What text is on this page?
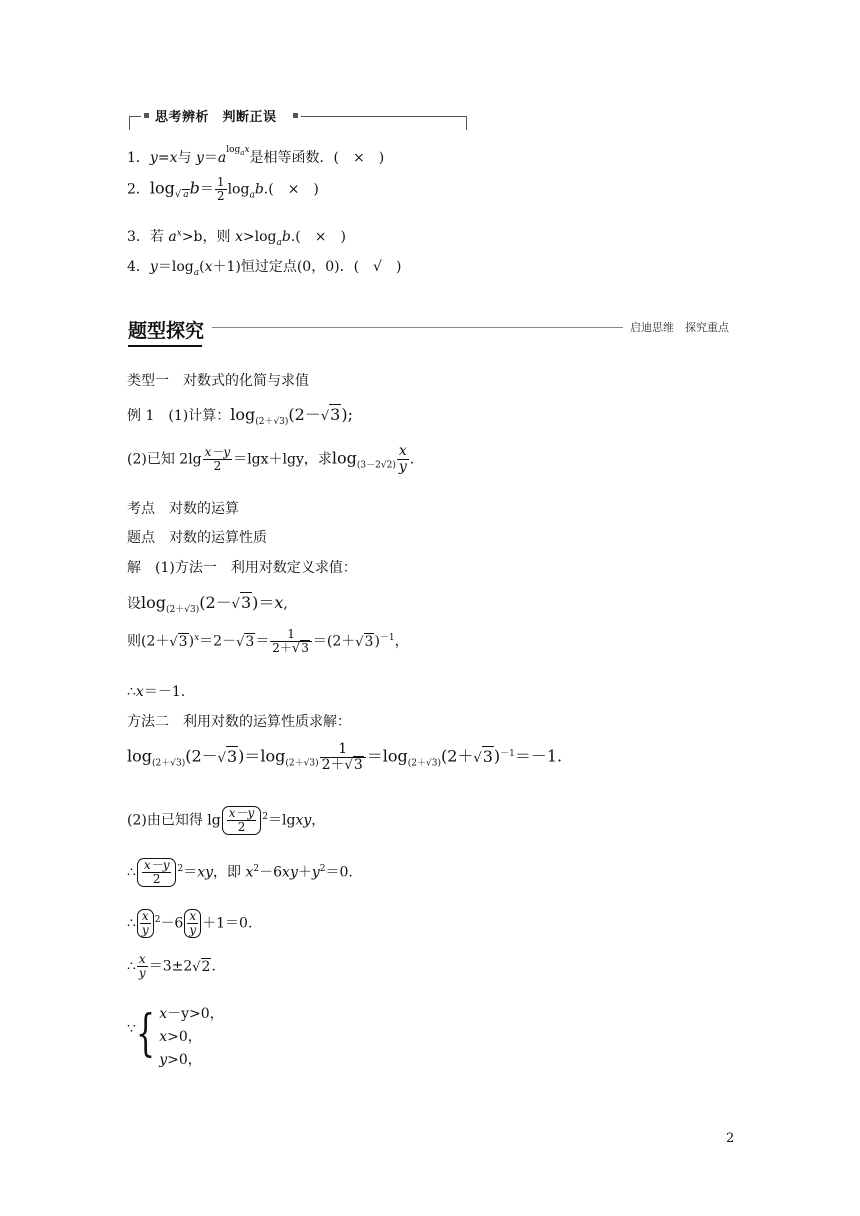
思考辨析　判断正误
1．y=x与 $y=a^{log_ax}$是相等函数．(　×　)
2．$\log_{√ a}b= \frac{1}{2} \log_ab$.(　×　)
3．若 $a^x>b$，则 $x>\log_ab$.(　×　)
4．$y=\log_a(x+1)$恒过定点(0，0)．(　√　)
题型探究	启迪思维　探究重点
类型一　对数式的化简与求值
例 1　(1)计算：$\log_{(2+√3)}(2-√3)$;
(2)已知 $2\lg \frac{x-y}{2} =\lg x+\lg y$，求$\log_{(3-2√2)} \frac{x}{y}$ .
考点　对数的运算
题点　对数的运算性质
解　(1)方法一　利用对数定义求值：
设$\log_{(2+√3)}(2-√3)=x$,
则$(2+√3)^x=2-√3= \frac{1}{2+√3} =(2+√3)^{-1}$，
∴x＝－1.
方法二　利用对数的运算性质求解：
$\log_{(2+√3)}(2-√3)=\log_{(2+√3)} \frac{1}{2+√3} =\log_{(2+√3)}(2+√3)^{-1}=-1$.
(2)由已知得 $\lg \frac{x-y}{2}$ $^2$＝lgxy，
∴ $\frac{x-y}{2} ^2=xy$，即 $x^2-6xy+y^2=0$.
∴ $\frac{x}{y} ^2-6 \frac{x}{y} +1=0$.
∴ $\frac{x}{y} =3\pm 2√2$.
∵{ x－y>0，
x>0，
y>0，
2
